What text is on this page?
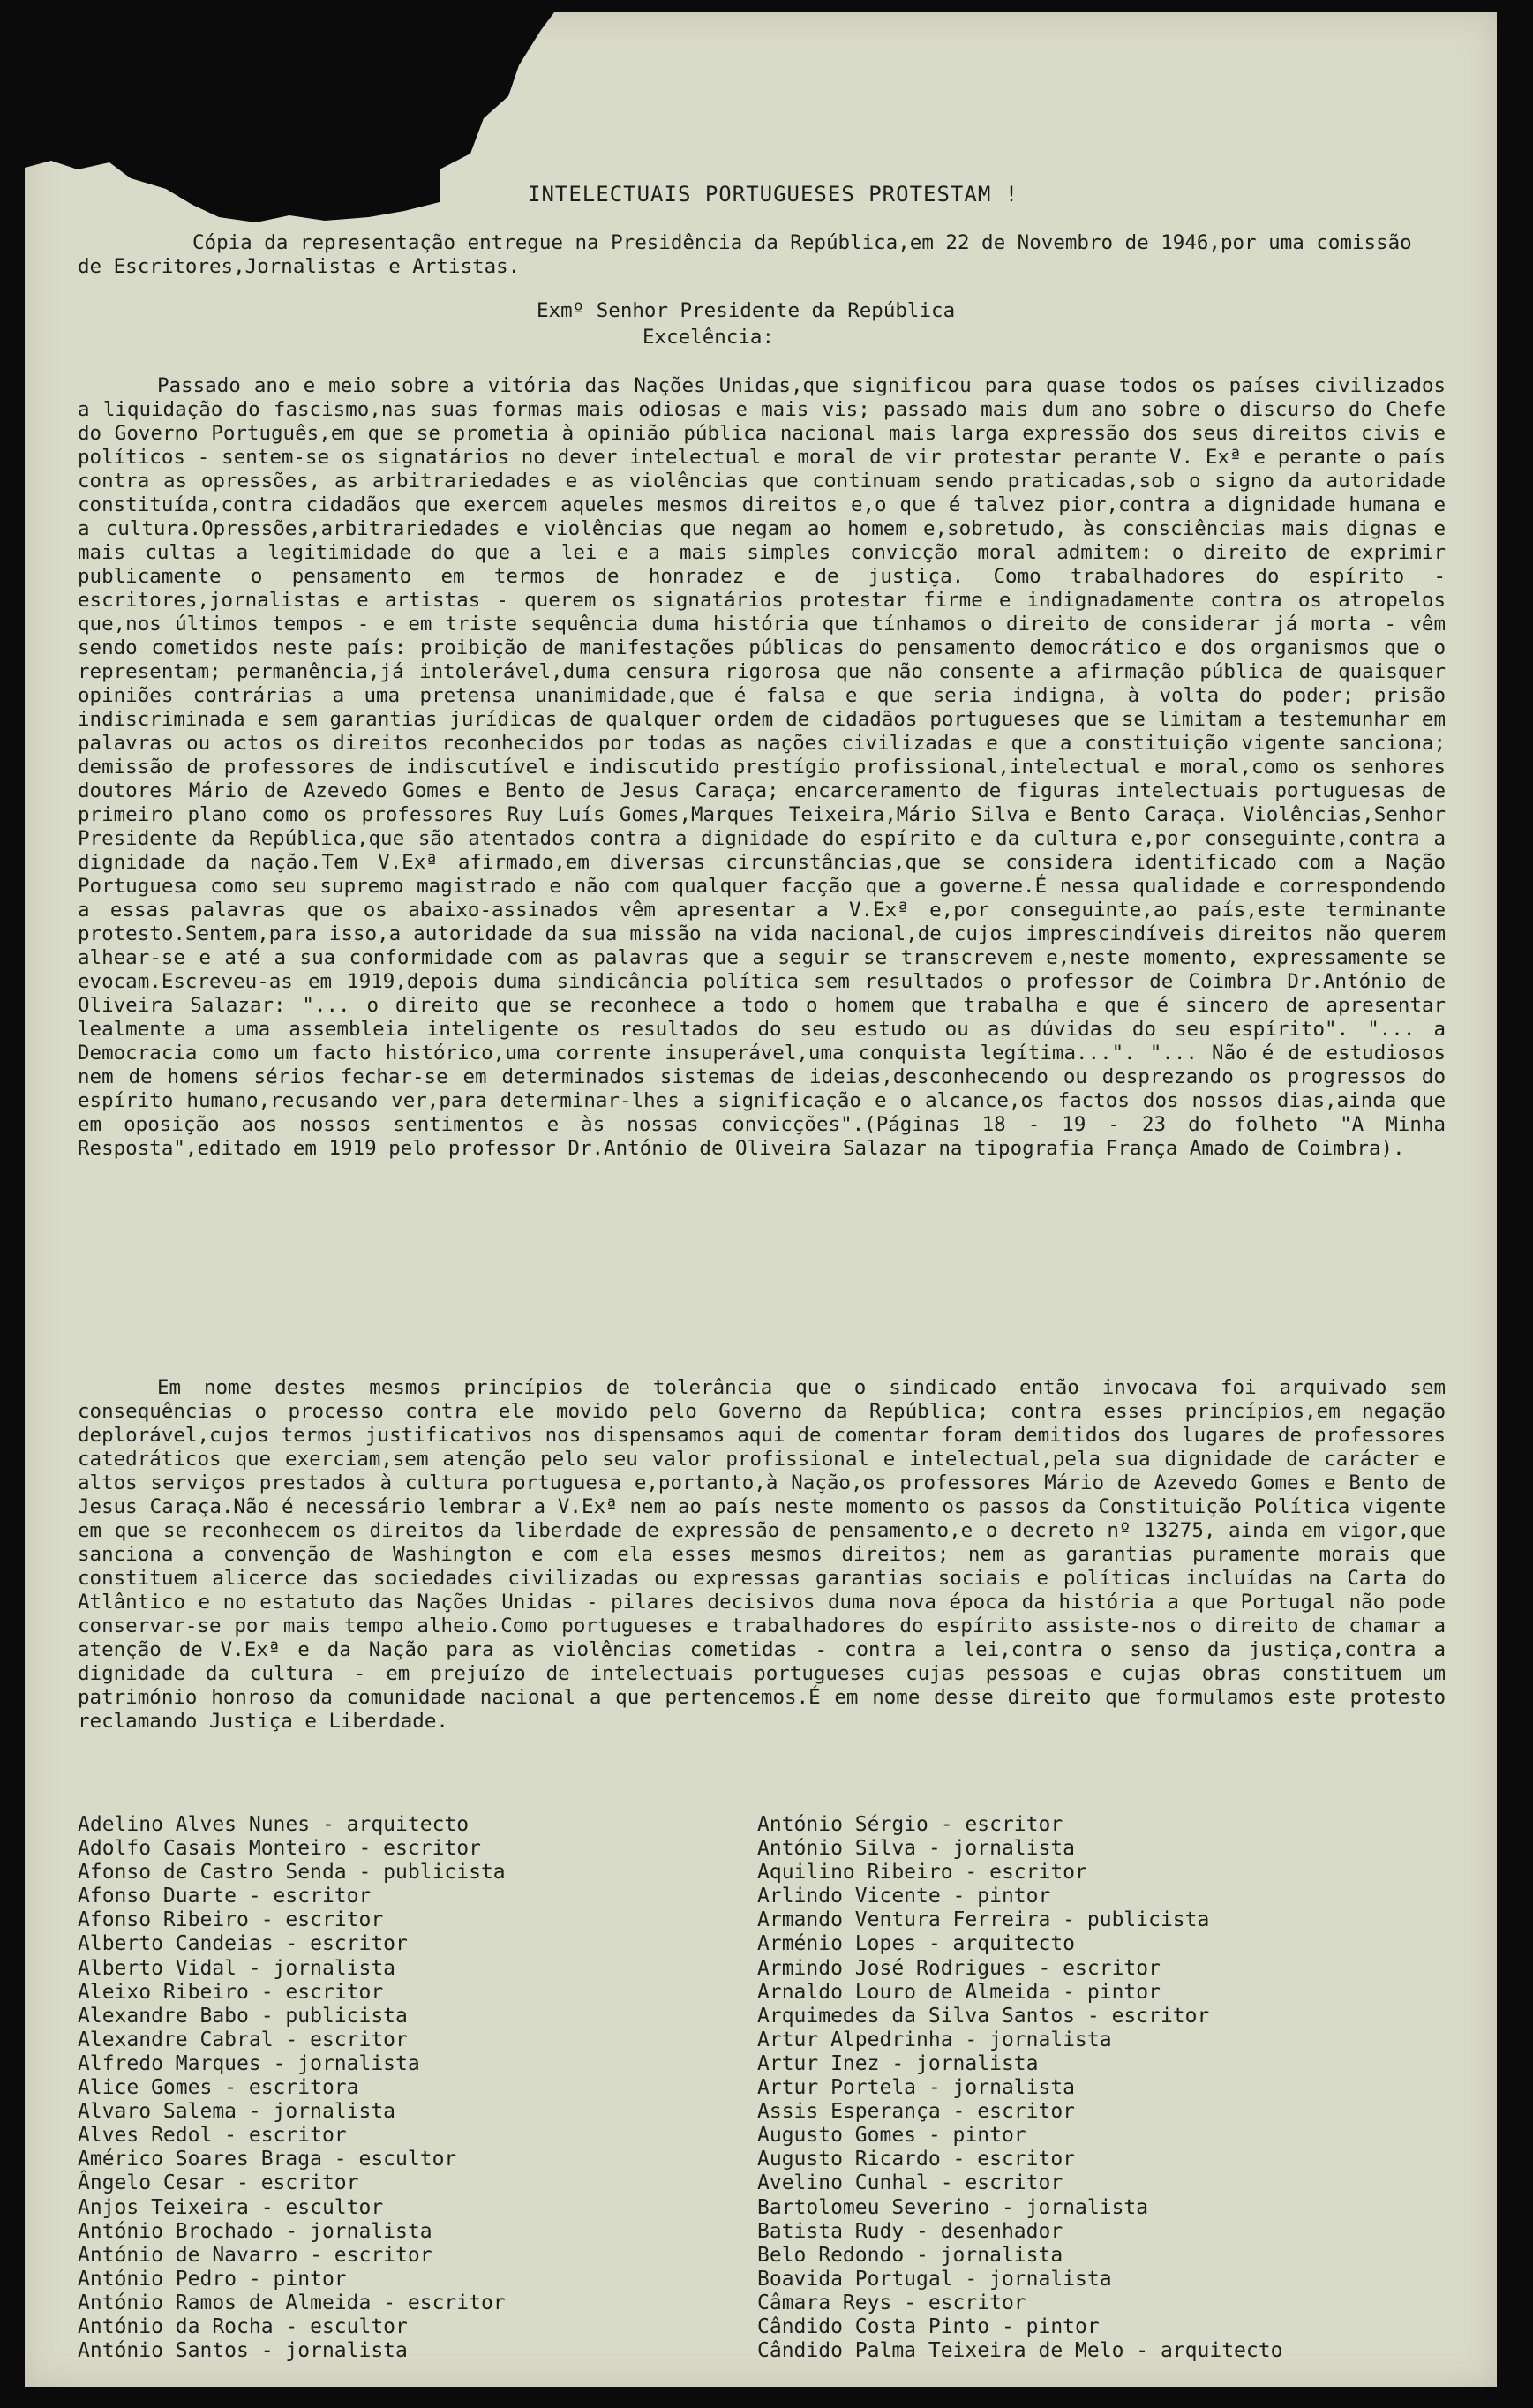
INTELECTUAIS PORTUGUESES PROTESTAM !
Cópia da representação entregue na Presidência da República,em 22 de Novembro de 1946,por uma comissão de Escritores,Jornalistas e Artistas.
Exmº Senhor Presidente da República
Excelência:
Passado ano e meio sobre a vitória das Nações Unidas,que significou para quase todos os países civilizados a liquidação do fascismo,nas suas formas mais odiosas e mais vis; passado mais dum ano sobre o discurso do Chefe do Governo Português,em que se prometia à opinião pública nacional mais larga expressão dos seus direitos civis e políticos - sentem-se os signatários no dever intelectual e moral de vir protestar perante V. Exª e perante o país contra as opressões, as arbitrariedades e as violências que continuam sendo praticadas,sob o signo da autoridade constituída,contra cidadãos que exercem aqueles mesmos direitos e,o que é talvez pior,contra a dignidade humana e a cultura.Opressões,arbitrariedades e violências que negam ao homem e,sobretudo, às consciências mais dignas e mais cultas a legitimidade do que a lei e a mais simples convicção moral admitem: o direito de exprimir publicamente o pensamento em termos de honradez e de justiça. Como trabalhadores do espírito - escritores,jornalistas e artistas - querem os signatários protestar firme e indignadamente contra os atropelos que,nos últimos tempos - e em triste sequência duma história que tínhamos o direito de considerar já morta - vêm sendo cometidos neste país: proibição de manifestações públicas do pensamento democrático e dos organismos que o representam; permanência,já intolerável,duma censura rigorosa que não consente a afirmação pública de quaisquer opiniões contrárias a uma pretensa unanimidade,que é falsa e que seria indigna, à volta do poder; prisão indiscriminada e sem garantias jurídicas de qualquer ordem de cidadãos portugueses que se limitam a testemunhar em palavras ou actos os direitos reconhecidos por todas as nações civilizadas e que a constituição vigente sanciona; demissão de professores de indiscutível e indiscutido prestígio profissional,intelectual e moral,como os senhores doutores Mário de Azevedo Gomes e Bento de Jesus Caraça; encarceramento de figuras intelectuais portuguesas de primeiro plano como os professores Ruy Luís Gomes,Marques Teixeira,Mário Silva e Bento Caraça. Violências,Senhor Presidente da República,que são atentados contra a dignidade do espírito e da cultura e,por conseguinte,contra a dignidade da nação.Tem V.Exª afirmado,em diversas circunstâncias,que se considera identificado com a Nação Portuguesa como seu supremo magistrado e não com qualquer facção que a governe.É nessa qualidade e correspondendo a essas palavras que os abaixo-assinados vêm apresentar a V.Exª e,por conseguinte,ao país,este terminante protesto.Sentem,para isso,a autoridade da sua missão na vida nacional,de cujos imprescindíveis direitos não querem alhear-se e até a sua conformidade com as palavras que a seguir se transcrevem e,neste momento, expressamente se evocam.Escreveu-as em 1919,depois duma sindicância política sem resultados o professor de Coimbra Dr.António de Oliveira Salazar: "... o direito que se reconhece a todo o homem que trabalha e que é sincero de apresentar lealmente a uma assembleia inteligente os resultados do seu estudo ou as dúvidas do seu espírito". "... a Democracia como um facto histórico,uma corrente insuperável,uma conquista legítima...". "... Não é de estudiosos nem de homens sérios fechar-se em determinados sistemas de ideias,desconhecendo ou desprezando os progressos do espírito humano,recusando ver,para determinar-lhes a significação e o alcance,os factos dos nossos dias,ainda que em oposição aos nossos sentimentos e às nossas convicções".(Páginas 18 - 19 - 23 do folheto "A Minha Resposta",editado em 1919 pelo professor Dr.António de Oliveira Salazar na tipografia França Amado de Coimbra).
Em nome destes mesmos princípios de tolerância que o sindicado então invocava foi arquivado sem consequências o processo contra ele movido pelo Governo da República; contra esses princípios,em negação deplorável,cujos termos justificativos nos dispensamos aqui de comentar foram demitidos dos lugares de professores catedráticos que exerciam,sem atenção pelo seu valor profissional e intelectual,pela sua dignidade de carácter e altos serviços prestados à cultura portuguesa e,portanto,à Nação,os professores Mário de Azevedo Gomes e Bento de Jesus Caraça.Não é necessário lembrar a V.Exª nem ao país neste momento os passos da Constituição Política vigente em que se reconhecem os direitos da liberdade de expressão de pensamento,e o decreto nº 13275, ainda em vigor,que sanciona a convenção de Washington e com ela esses mesmos direitos; nem as garantias puramente morais que constituem alicerce das sociedades civilizadas ou expressas garantias sociais e políticas incluídas na Carta do Atlântico e no estatuto das Nações Unidas - pilares decisivos duma nova época da história a que Portugal não pode conservar-se por mais tempo alheio.Como portugueses e trabalhadores do espírito assiste-nos o direito de chamar a atenção de V.Exª e da Nação para as violências cometidas - contra a lei,contra o senso da justiça,contra a dignidade da cultura - em prejuízo de intelectuais portugueses cujas pessoas e cujas obras constituem um património honroso da comunidade nacional a que pertencemos.É em nome desse direito que formulamos este protesto reclamando Justiça e Liberdade.
Adelino Alves Nunes - arquitecto
Adolfo Casais Monteiro - escritor
Afonso de Castro Senda - publicista
Afonso Duarte - escritor
Afonso Ribeiro - escritor
Alberto Candeias - escritor
Alberto Vidal - jornalista
Aleixo Ribeiro - escritor
Alexandre Babo - publicista
Alexandre Cabral - escritor
Alfredo Marques - jornalista
Alice Gomes - escritora
Alvaro Salema - jornalista
Alves Redol - escritor
Américo Soares Braga - escultor
Ângelo Cesar - escritor
Anjos Teixeira - escultor
António Brochado - jornalista
António de Navarro - escritor
António Pedro - pintor
António Ramos de Almeida - escritor
António da Rocha - escultor
António Santos - jornalista
António Sérgio - escritor
António Silva - jornalista
Aquilino Ribeiro - escritor
Arlindo Vicente - pintor
Armando Ventura Ferreira - publicista
Arménio Lopes - arquitecto
Armindo José Rodrigues - escritor
Arnaldo Louro de Almeida - pintor
Arquimedes da Silva Santos - escritor
Artur Alpedrinha - jornalista
Artur Inez - jornalista
Artur Portela - jornalista
Assis Esperança - escritor
Augusto Gomes - pintor
Augusto Ricardo - escritor
Avelino Cunhal - escritor
Bartolomeu Severino - jornalista
Batista Rudy - desenhador
Belo Redondo - jornalista
Boavida Portugal - jornalista
Câmara Reys - escritor
Cândido Costa Pinto - pintor
Cândido Palma Teixeira de Melo - arquitecto
